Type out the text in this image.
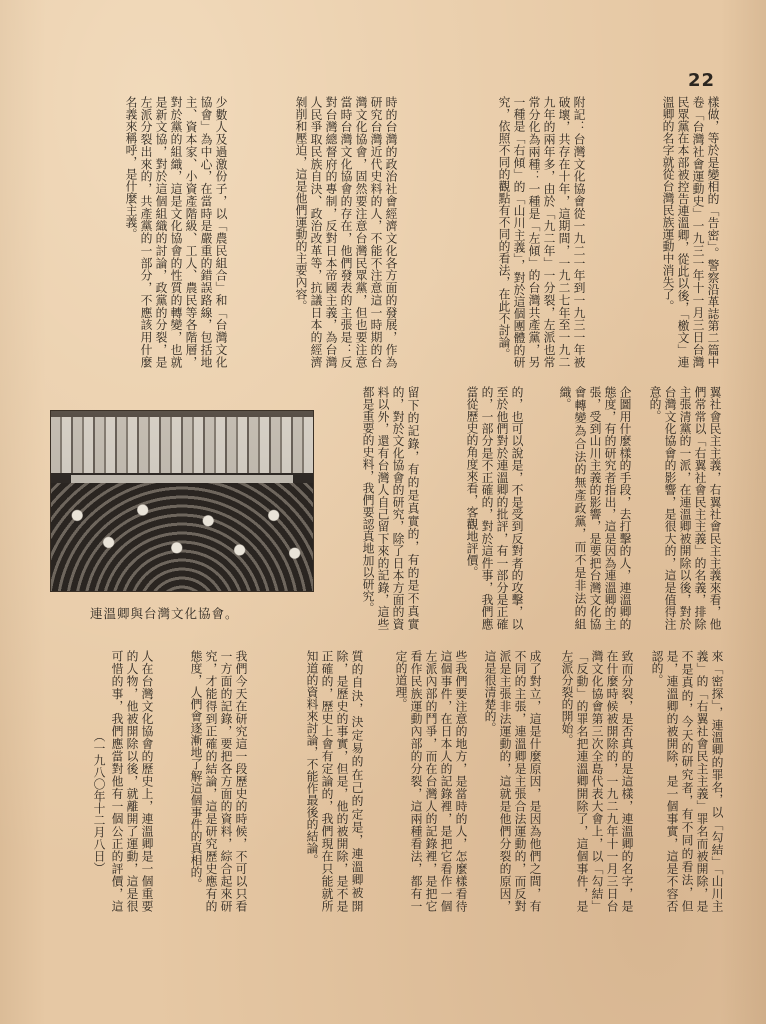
22

樣做，等於是變相的「告密」。警察沿革誌第二篇中卷「台灣社會運動史」一九三一年十一月三日台灣民眾黨在本部被控告連溫卿，從此以後，「檄文」連溫卿的名字就從台灣民族運動中消失了。

附記：台灣文化協會從一九二一年到一九三一年被破壞，共存在十年，這期間，一九二七年至一九二九年的兩年多，由於「九二年」一分裂，左派也常常分化為兩種：一種是「左傾」的台灣共產黨，另一種是「右傾」的「山川主義」，對於這個團體的研究，依照不同的觀點有不同的看法，在此不討論。

時的台灣的政治社會經濟文化各方面的發展，作為研究台灣近代史料的人，不能不注意這一時期的台灣文化協會，固然要注意台灣民眾黨，但也要注意當時台灣文化協會的存在，他們發表的主張是：反對台灣總督府的專制，反對日本帝國主義，為台灣人民爭取民族自決、政治改革等，抗議日本的經濟剝削和壓迫，這是他們運動的主要內容。

少數人及過激份子，以「農民組合」和「台灣文化協會」為中心，在當時是嚴重的錯誤路線，包括地主、資本家、小資產階級、工人、農民等各階層，對於黨的組織，這是文化協會的性質的轉變，也就是新文協，對於這個組織的討論，政黨的分裂，是左派分裂出來的，共產黨的一部分，不應該用什麼名義來稱呼，是什麼主義。

翼社會民主主義，右翼社會民主主義來看，他們常常以「右翼社會民主主義」的名義，排除主張清黨的一派，在連溫卿被開除以後，對於台灣文化協會的影響，是很大的，這是值得注意的。

企圖用什麼樣的手段，去打擊的人，連溫卿的態度，有的研究者指出，這是因為連溫卿的主張，受到山川主義的影響，是要把台灣文化協會轉變為合法的無產政黨，而不是非法的組織。

的，也可以說是，不是受到反對者的攻擊，以至於他們對於連溫卿的批評，有一部分是正確的，一部分是不正確的，對於這件事，我們應當從歷史的角度來看，客觀地評價。

留下的記錄，有的是真實的，有的是不真實的，對於文化協會的研究，除了日本方面的資料以外，還有台灣人自己留下來的記錄，這些都是重要的史料，我們要認真地加以研究。

連溫卿與台灣文化協會。

來「密探」，連溫卿的罪名，以「勾結」「山川主義」的「右翼社會民主主義」罪名而被開除，是不是真的，今天的研究者，有不同的看法，但是，連溫卿的被開除，是一個事實，這是不容否認的。

致而分裂，是否真的是這樣，連溫卿的名字，是在什麼時候被開除的，一九二九年十一月三日台灣文化協會第三次全島代表大會上，以「勾結」「反動」的罪名把連溫卿開除了，這個事件，是左派分裂的開始。

成了對立，這是什麼原因，是因為他們之間，有不同的主張，連溫卿是主張合法運動的，而反對派是主張非法運動的，這就是他們分裂的原因，這是很清楚的。

些我們要注意的地方，是當時的人，怎麼樣看待這個事件，在日本人的記錄裡，是把它看作一個左派內部的鬥爭，而在台灣人的記錄裡，是把它看作民族運動內部的分裂，這兩種看法，都有一定的道理。

質的自決，決定易的在己的定是，連溫卿被開除，是歷史的事實，但是，他的被開除，是不是正確的，歷史上會有定論的，我們現在只能就所知道的資料來討論，不能作最後的結論。

我們今天在研究這一段歷史的時候，不可以只看一方面的記錄，要把各方面的資料，綜合起來研究，才能得到正確的結論，這是研究歷史應有的態度，人們會逐漸地了解這個事件的真相的。

人在台灣文化協會的歷史上，連溫卿是一個重要的人物，他被開除以後，就離開了運動，這是很可惜的事，我們應當對他有一個公正的評價，這

（一九八〇年十二月八日）
